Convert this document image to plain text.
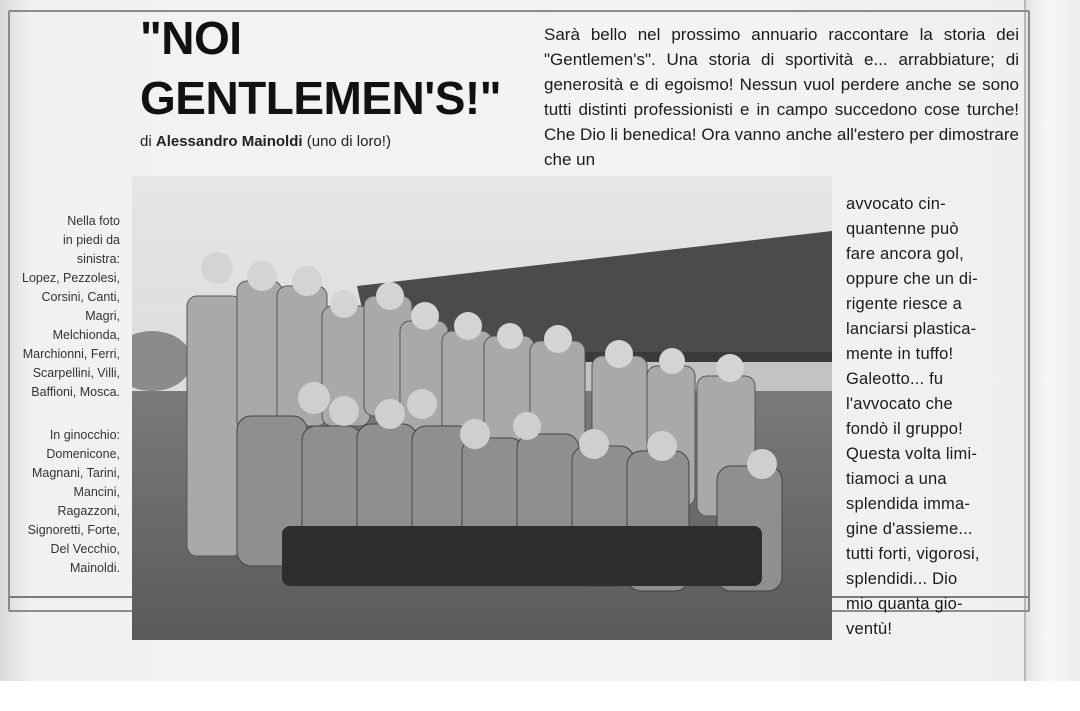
"NOI
GENTLEMEN'S!"
di Alessandro Mainoldi (uno di loro!)

Sarà bello nel prossimo annuario raccontare la storia dei "Gentlemen's". Una storia di sportività e... arrabbiature; di generosità e di egoismo! Nessun vuol perdere anche se sono tutti distinti professionisti e in campo succedono cose turche! Che Dio li benedica! Ora vanno anche all'estero per dimostrare che un

avvocato cin-
quantenne può
fare ancora gol,
oppure che un di-
rigente riesce a
lanciarsi plastica-
mente in tuffo!
Galeotto... fu
l'avvocato che
fondò il gruppo!
Questa volta limi-
tiamoci a una
splendida imma-
gine d'assieme...
tutti forti, vigorosi,
splendidi... Dio
mio quanta gio-
ventù!

Nella foto
in piedi da
sinistra:
Lopez, Pezzolesi,
Corsini, Canti,
Magri,
Melchionda,
Marchionni, Ferri,
Scarpellini, Villi,
Baffioni, Mosca.

In ginocchio:
Domenicone,
Magnani, Tarini,
Mancini,
Ragazzoni,
Signoretti, Forte,
Del Vecchio,
Mainoldi.
